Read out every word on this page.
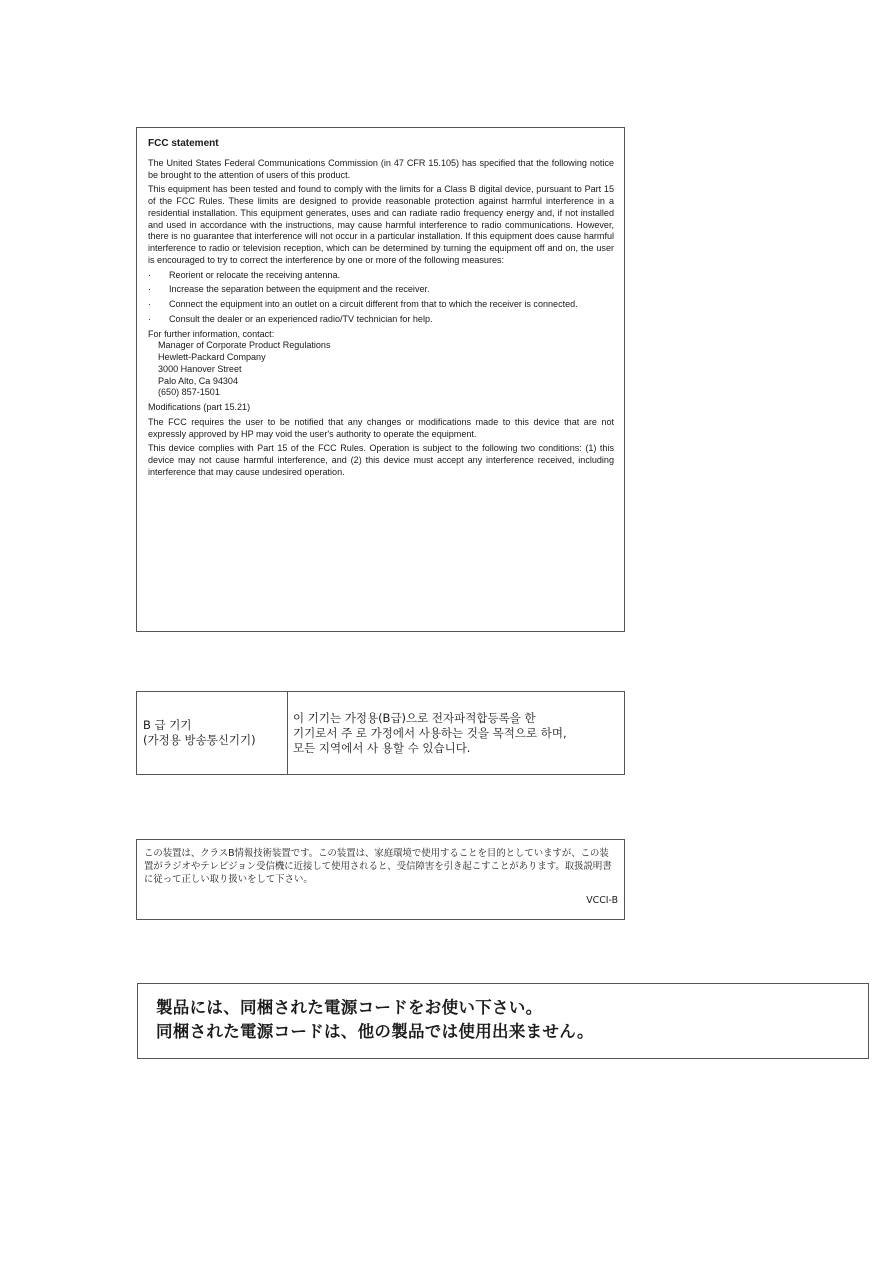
FCC statement

The United States Federal Communications Commission (in 47 CFR 15.105) has specified that the following notice be brought to the attention of users of this product.

This equipment has been tested and found to comply with the limits for a Class B digital device, pursuant to Part 15 of the FCC Rules. These limits are designed to provide reasonable protection against harmful interference in a residential installation. This equipment generates, uses and can radiate radio frequency energy and, if not installed and used in accordance with the instructions, may cause harmful interference to radio communications. However, there is no guarantee that interference will not occur in a particular installation. If this equipment does cause harmful interference to radio or television reception, which can be determined by turning the equipment off and on, the user is encouraged to try to correct the interference by one or more of the following measures:

· Reorient or relocate the receiving antenna.
· Increase the separation between the equipment and the receiver.
· Connect the equipment into an outlet on a circuit different from that to which the receiver is connected.
· Consult the dealer or an experienced radio/TV technician for help.

For further information, contact:

Manager of Corporate Product Regulations
Hewlett-Packard Company
3000 Hanover Street
Palo Alto, Ca 94304
(650) 857-1501

Modifications (part 15.21)

The FCC requires the user to be notified that any changes or modifications made to this device that are not expressly approved by HP may void the user's authority to operate the equipment.

This device complies with Part 15 of the FCC Rules. Operation is subject to the following two conditions: (1) this device may not cause harmful interference, and (2) this device must accept any interference received, including interference that may cause undesired operation.

B 급 기기
(가정용 방송통신기기)
이 기기는 가정용(B급)으로 전자파적합등록을 한
기기로서 주 로 가정에서 사용하는 것을 목적으로 하며,
모든 지역에서 사 용할 수 있습니다.
この装置は、クラスB情報技術装置です。この装置は、家庭環境で使用することを目的としていますが、この装置がラジオやテレビジョン受信機に近接して使用されると、受信障害を引き起こすことがあります。取扱説明書に従って正しい取り扱いをして下さい。
VCCI-B
製品には、同梱された電源コードをお使い下さい。
同梱された電源コードは、他の製品では使用出来ません。
